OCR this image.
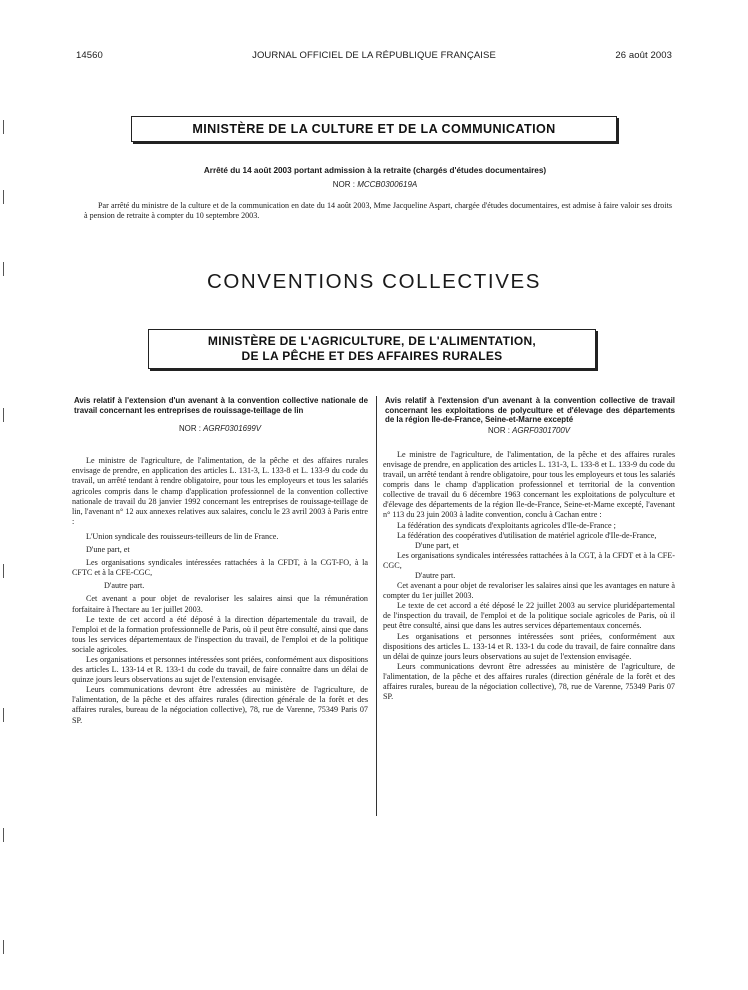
14560	JOURNAL OFFICIEL DE LA RÉPUBLIQUE FRANÇAISE	26 août 2003
MINISTÈRE DE LA CULTURE ET DE LA COMMUNICATION
Arrêté du 14 août 2003 portant admission à la retraite (chargés d'études documentaires)
NOR : MCCB0300619A
Par arrêté du ministre de la culture et de la communication en date du 14 août 2003, Mme Jacqueline Aspart, chargée d'études documentaires, est admise à faire valoir ses droits à pension de retraite à compter du 10 septembre 2003.
CONVENTIONS COLLECTIVES
MINISTÈRE DE L'AGRICULTURE, DE L'ALIMENTATION,
DE LA PÊCHE ET DES AFFAIRES RURALES
Avis relatif à l'extension d'un avenant à la convention collective nationale de travail concernant les entreprises de rouissage-teillage de lin
NOR : AGRF0301699V

Le ministre de l'agriculture, de l'alimentation, de la pêche et des affaires rurales envisage de prendre, en application des articles L. 131-3, L. 133-8 et L. 133-9 du code du travail, un arrêté tendant à rendre obligatoire, pour tous les employeurs et tous les salariés agricoles compris dans le champ d'application professionnel de la convention collective nationale de travail du 28 janvier 1992 concernant les entreprises de rouissage-teillage de lin, l'avenant n° 12 aux annexes relatives aux salaires, conclu le 23 avril 2003 à Paris entre :

L'Union syndicale des rouisseurs-teilleurs de lin de France.

D'une part, et

Les organisations syndicales intéressées rattachées à la CFDT, à la CGT-FO, à la CFTC et à la CFE-CGC,

D'autre part.

Cet avenant a pour objet de revaloriser les salaires ainsi que la rémunération forfaitaire à l'hectare au 1er juillet 2003.

Le texte de cet accord a été déposé à la direction départementale du travail, de l'emploi et de la formation professionnelle de Paris, où il peut être consulté, ainsi que dans tous les services départementaux de l'inspection du travail, de l'emploi et de la politique sociale agricoles.

Les organisations et personnes intéressées sont priées, conformément aux dispositions des articles L. 133-14 et R. 133-1 du code du travail, de faire connaître dans un délai de quinze jours leurs observations au sujet de l'extension envisagée.

Leurs communications devront être adressées au ministère de l'agriculture, de l'alimentation, de la pêche et des affaires rurales (direction générale de la forêt et des affaires rurales, bureau de la négociation collective), 78, rue de Varenne, 75349 Paris 07 SP.

Avis relatif à l'extension d'un avenant à la convention collective de travail concernant les exploitations de polyculture et d'élevage des départements de la région Ile-de-France, Seine-et-Marne excepté
NOR : AGRF0301700V

Le ministre de l'agriculture, de l'alimentation, de la pêche et des affaires rurales envisage de prendre, en application des articles L. 131-3, L. 133-8 et L. 133-9 du code du travail, un arrêté tendant à rendre obligatoire, pour tous les employeurs et tous les salariés compris dans le champ d'application professionnel et territorial de la convention collective de travail du 6 décembre 1963 concernant les exploitations de polyculture et d'élevage des départements de la région Ile-de-France, Seine-et-Marne excepté, l'avenant n° 113 du 23 juin 2003 à ladite convention, conclu à Cachan entre :

La fédération des syndicats d'exploitants agricoles d'Ile-de-France ;

La fédération des coopératives d'utilisation de matériel agricole d'Ile-de-France,

D'une part, et

Les organisations syndicales intéressées rattachées à la CGT, à la CFDT et à la CFE-CGC,

D'autre part.

Cet avenant a pour objet de revaloriser les salaires ainsi que les avantages en nature à compter du 1er juillet 2003.

Le texte de cet accord a été déposé le 22 juillet 2003 au service pluridépartemental de l'inspection du travail, de l'emploi et de la politique sociale agricoles de Paris, où il peut être consulté, ainsi que dans les autres services départementaux concernés.

Les organisations et personnes intéressées sont priées, conformément aux dispositions des articles L. 133-14 et R. 133-1 du code du travail, de faire connaître dans un délai de quinze jours leurs observations au sujet de l'extension envisagée.

Leurs communications devront être adressées au ministère de l'agriculture, de l'alimentation, de la pêche et des affaires rurales (direction générale de la forêt et des affaires rurales, bureau de la négociation collective), 78, rue de Varenne, 75349 Paris 07 SP.
